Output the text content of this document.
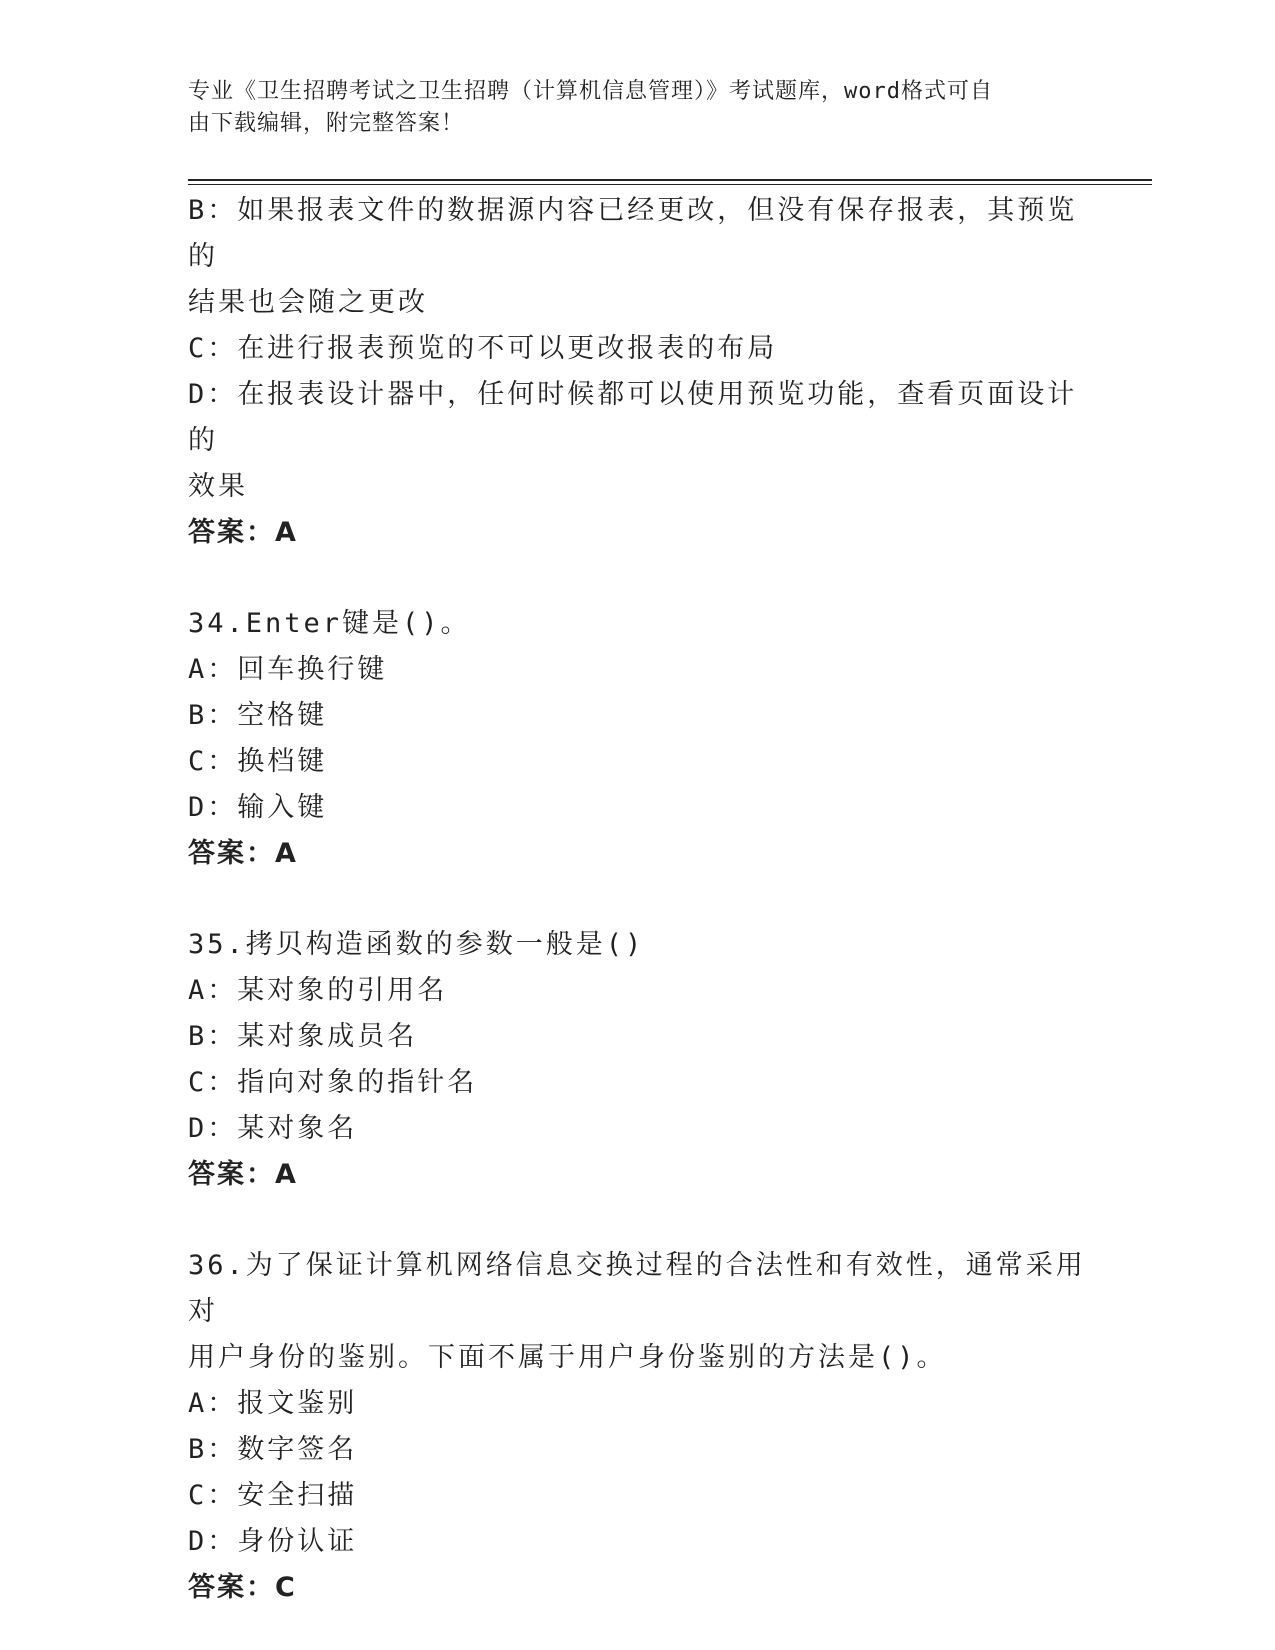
专业《卫生招聘考试之卫生招聘（计算机信息管理）》考试题库，word格式可自
由下载编辑，附完整答案！

B：如果报表文件的数据源内容已经更改，但没有保存报表，其预览的

结果也会随之更改

C：在进行报表预览的不可以更改报表的布局

D：在报表设计器中，任何时候都可以使用预览功能，查看页面设计的

效果

答案：A

34.Enter键是()。

A：回车换行键

B：空格键

C：换档键

D：输入键

答案：A

35.拷贝构造函数的参数一般是()

A：某对象的引用名

B：某对象成员名

C：指向对象的指针名

D：某对象名

答案：A

36.为了保证计算机网络信息交换过程的合法性和有效性，通常采用对

用户身份的鉴别。下面不属于用户身份鉴别的方法是()。

A：报文鉴别

B：数字签名

C：安全扫描

D：身份认证

答案：C
